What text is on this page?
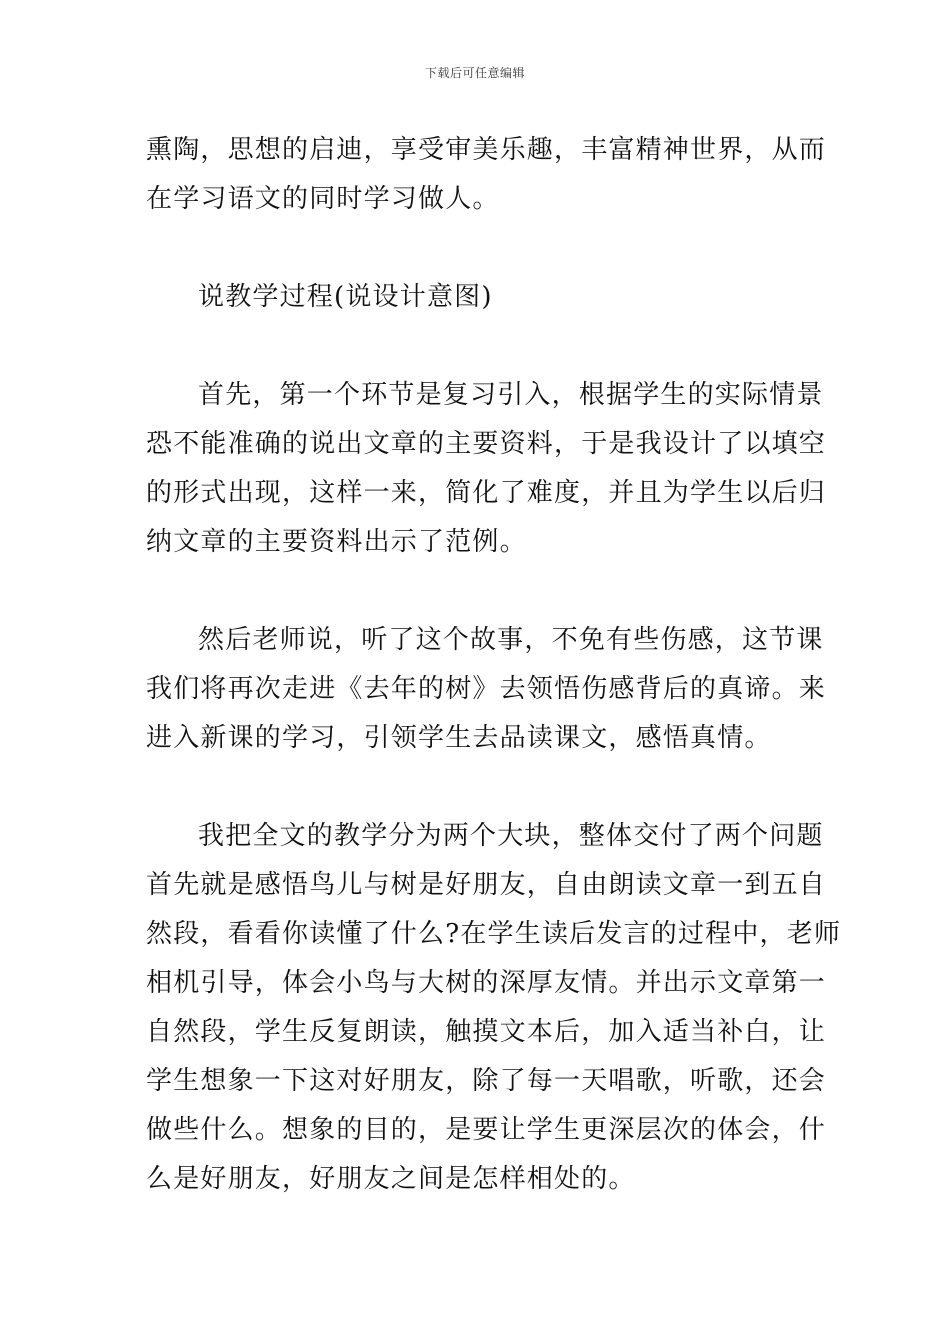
下载后可任意编辑
熏陶，思想的启迪，享受审美乐趣，丰富精神世界，从而
在学习语文的同时学习做人。
说教学过程(说设计意图)
首先，第一个环节是复习引入，根据学生的实际情景
恐不能准确的说出文章的主要资料，于是我设计了以填空
的形式出现，这样一来，简化了难度，并且为学生以后归
纳文章的主要资料出示了范例。
然后老师说，听了这个故事，不免有些伤感，这节课
我们将再次走进《去年的树》去领悟伤感背后的真谛。来
进入新课的学习，引领学生去品读课文，感悟真情。
我把全文的教学分为两个大块，整体交付了两个问题
首先就是感悟鸟儿与树是好朋友，自由朗读文章一到五自
然段，看看你读懂了什么?在学生读后发言的过程中，老师
相机引导，体会小鸟与大树的深厚友情。并出示文章第一
自然段，学生反复朗读，触摸文本后，加入适当补白，让
学生想象一下这对好朋友，除了每一天唱歌，听歌，还会
做些什么。想象的目的，是要让学生更深层次的体会，什
么是好朋友，好朋友之间是怎样相处的。
